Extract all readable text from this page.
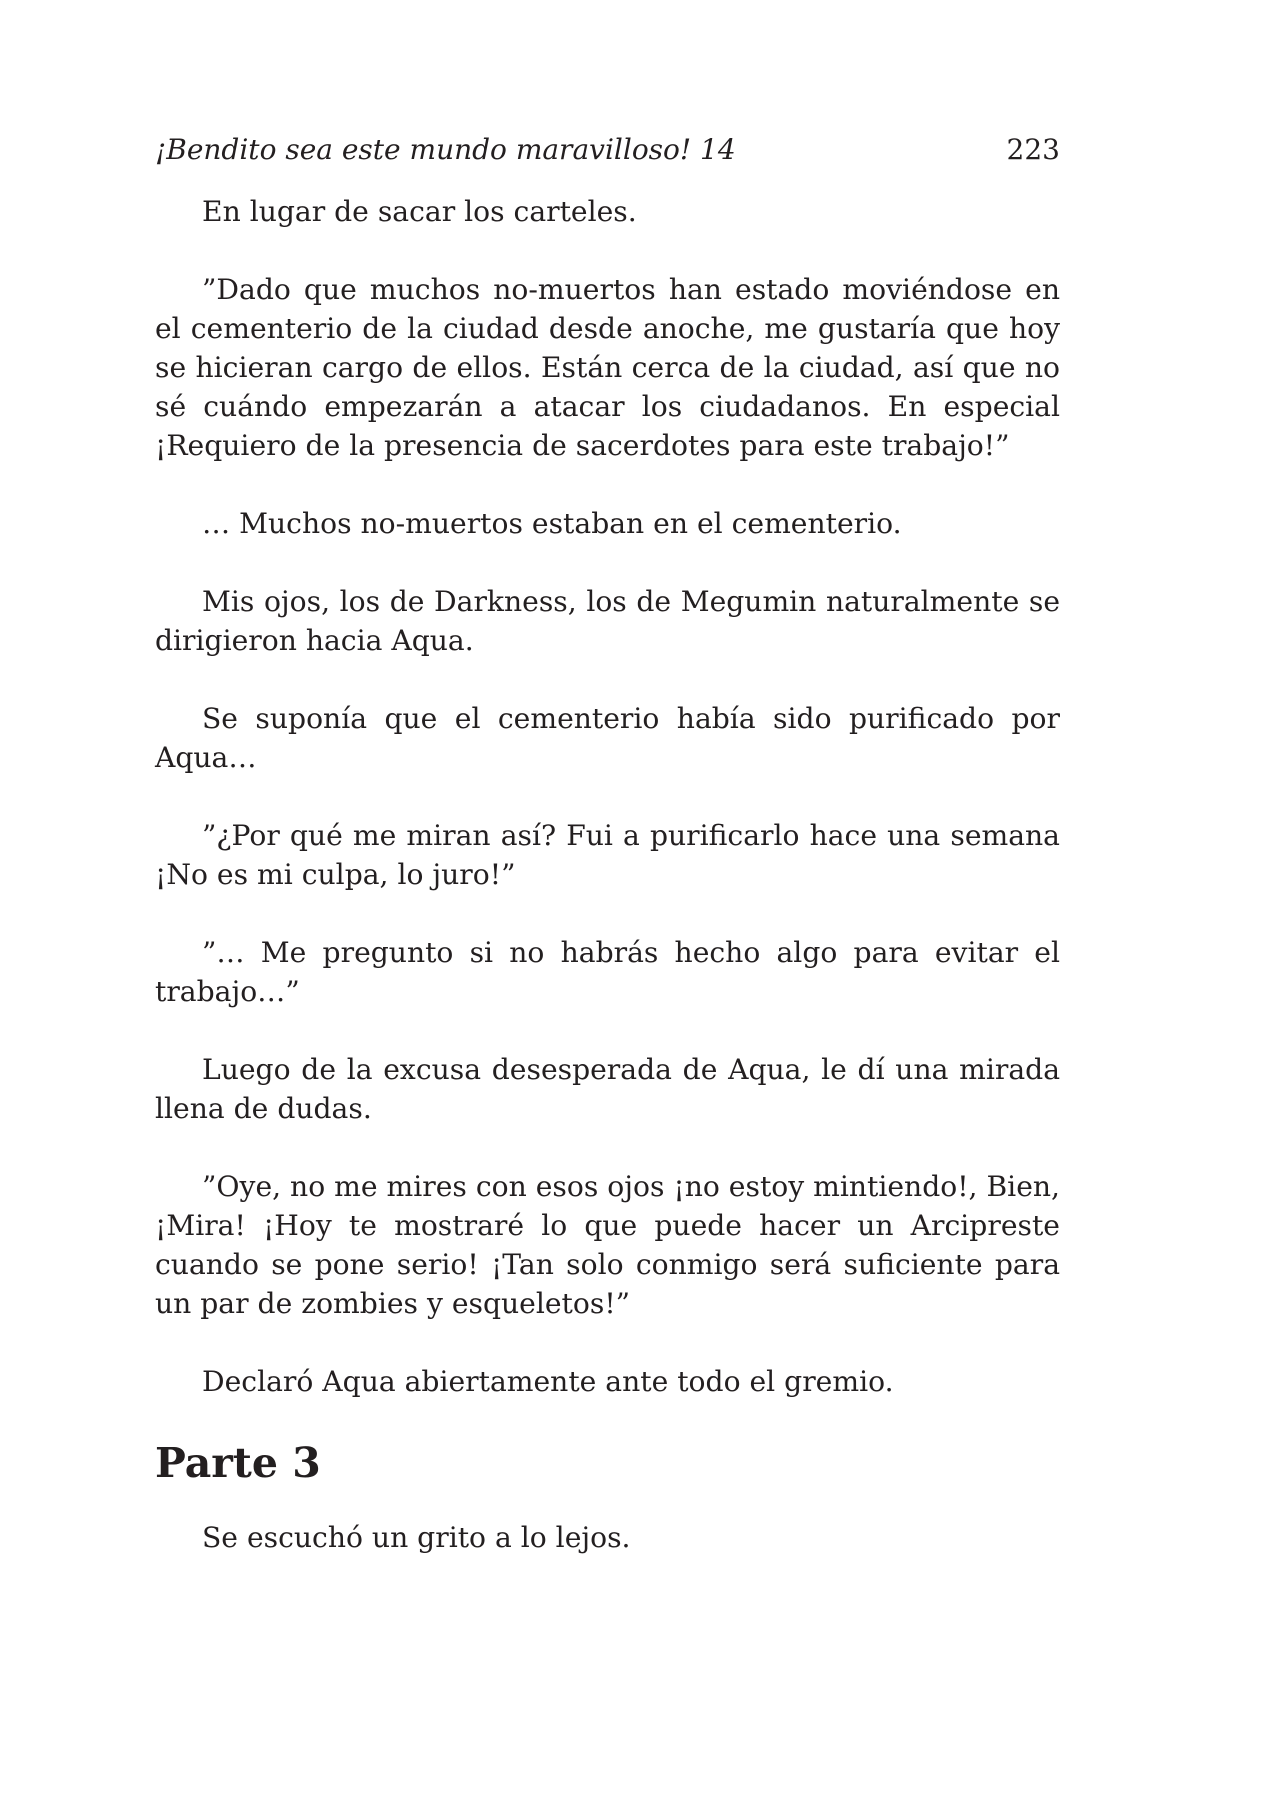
¡Bendito sea este mundo maravilloso! 14	223

En lugar de sacar los carteles.

”Dado que muchos no-muertos han estado moviéndose en el cementerio de la ciudad desde anoche, me gustaría que hoy se hicieran cargo de ellos. Están cerca de la ciudad, así que no sé cuándo empezarán a atacar los ciudadanos. En especial ¡Requiero de la presencia de sacerdotes para este trabajo!”

… Muchos no-muertos estaban en el cementerio.

Mis ojos, los de Darkness, los de Megumin naturalmente se dirigieron hacia Aqua.

Se suponía que el cementerio había sido purificado por Aqua…

”¿Por qué me miran así? Fui a purificarlo hace una semana ¡No es mi culpa, lo juro!”

”… Me pregunto si no habrás hecho algo para evitar el trabajo…”

Luego de la excusa desesperada de Aqua, le dí una mirada llena de dudas.

”Oye, no me mires con esos ojos ¡no estoy mintiendo!, Bien, ¡Mira! ¡Hoy te mostraré lo que puede hacer un Arcipreste cuando se pone serio! ¡Tan solo conmigo será suficiente para un par de zombies y esqueletos!”

Declaró Aqua abiertamente ante todo el gremio.

Parte 3

Se escuchó un grito a lo lejos.
